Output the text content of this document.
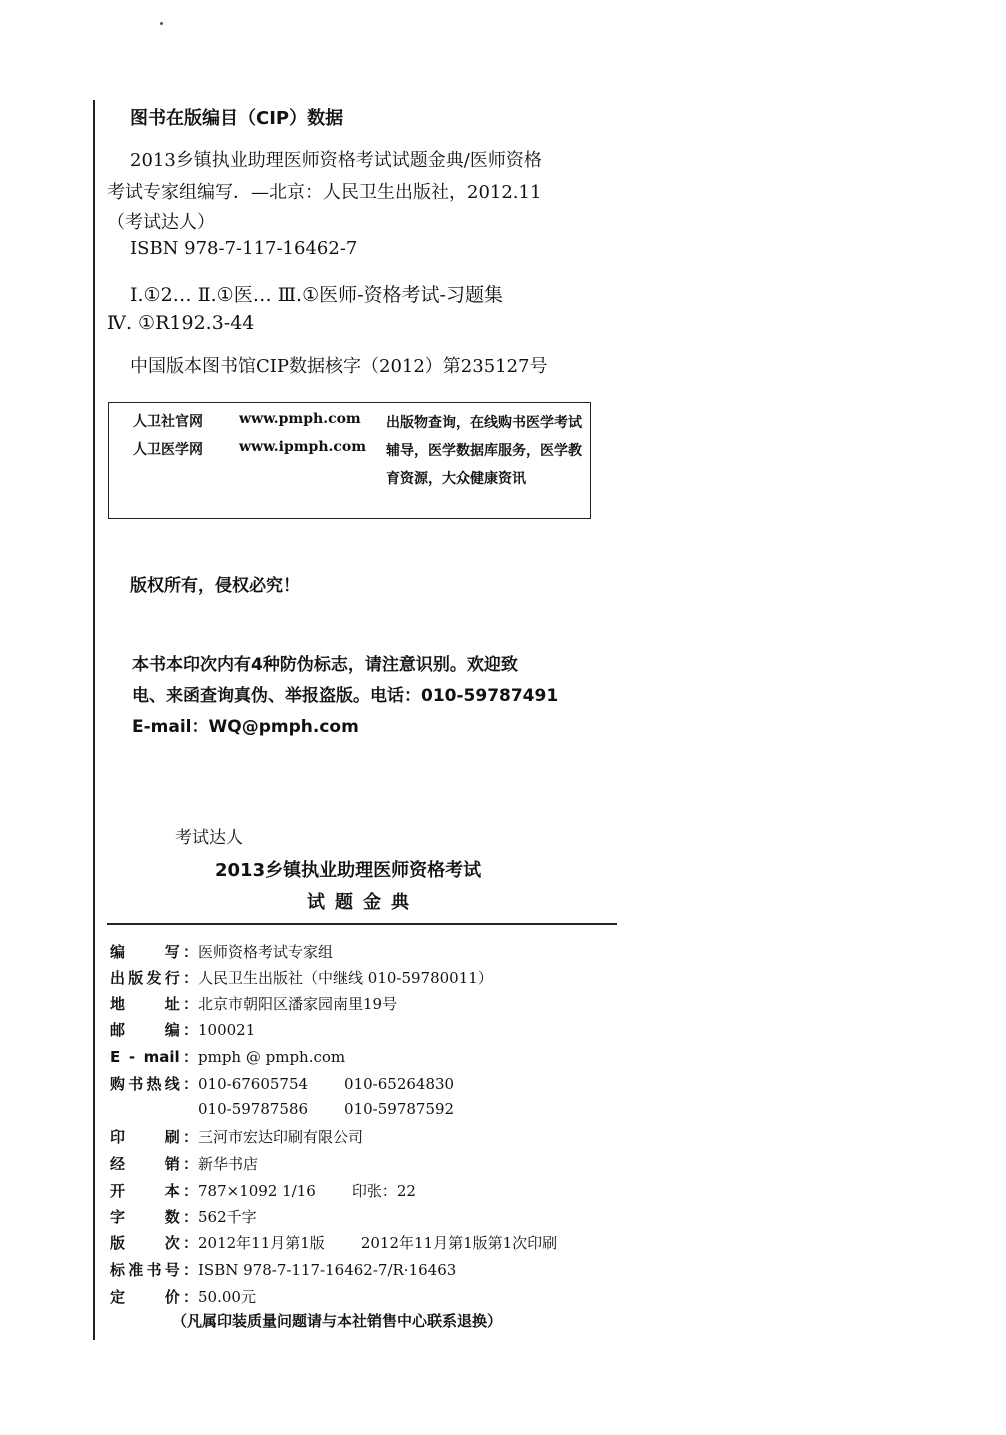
图书在版编目（CIP）数据
2013乡镇执业助理医师资格考试试题金典/医师资格
考试专家组编写．—北京：人民卫生出版社，2012.11
（考试达人）
ISBN 978-7-117-16462-7
Ⅰ.①2… Ⅱ.①医… Ⅲ.①医师-资格考试-习题集
Ⅳ. ①R192.3-44
中国版本图书馆CIP数据核字（2012）第235127号
人卫社官网	www.pmph.com
人卫医学网	www.ipmph.com
出版物查询，在线购书医学考试辅导，医学数据库服务，医学教育资源，大众健康资讯
版权所有，侵权必究！
本书本印次内有4种防伪标志，请注意识别。欢迎致
电、来函查询真伪、举报盗版。电话：010-59787491
E-mail：WQ@pmph.com
考试达人
2013乡镇执业助理医师资格考试
试题金典
编　　写：医师资格考试专家组
出版发行：人民卫生出版社（中继线 010-59780011）
地　　址：北京市朝阳区潘家园南里19号
邮　　编：100021
E - mail：pmph @ pmph.com
购书热线：010-67605754 010-65264830
010-59787586 010-59787592
印　　刷：三河市宏达印刷有限公司
经　　销：新华书店
开　　本：787×1092 1/16 印张：22
字　　数：562千字
版　　次：2012年11月第1版 2012年11月第1版第1次印刷
标准书号：ISBN 978-7-117-16462-7/R·16463
定　　价：50.00元
（凡属印装质量问题请与本社销售中心联系退换）
